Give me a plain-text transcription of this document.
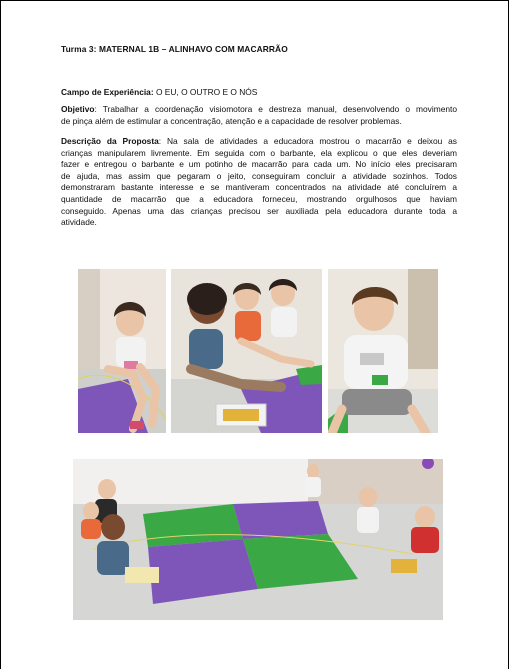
Turma 3: MATERNAL 1B – ALINHAVO COM MACARRÃO
Campo de Experiência: O EU, O OUTRO E O NÓS
Objetivo: Trabalhar a coordenação visiomotora e destreza manual, desenvolvendo o movimento
de pinça além de estimular a concentração, atenção e a capacidade de resolver problemas.
Descrição da Proposta: Na sala de atividades a educadora mostrou o macarrão e deixou as
crianças manipularem livremente. Em seguida com o barbante, ela explicou o que eles deveriam
fazer e entregou o barbante e um potinho de macarrão para cada um. No início eles precisaram
de ajuda, mas assim que pegaram o jeito, conseguiram concluir a atividade sozinhos. Todos
demonstraram bastante interesse e se mantiveram concentrados na atividade até concluírem a
quantidade de macarrão que a educadora forneceu, mostrando orgulhosos que haviam
conseguido. Apenas uma das crianças precisou ser auxiliada pela educadora durante toda a
atividade.
